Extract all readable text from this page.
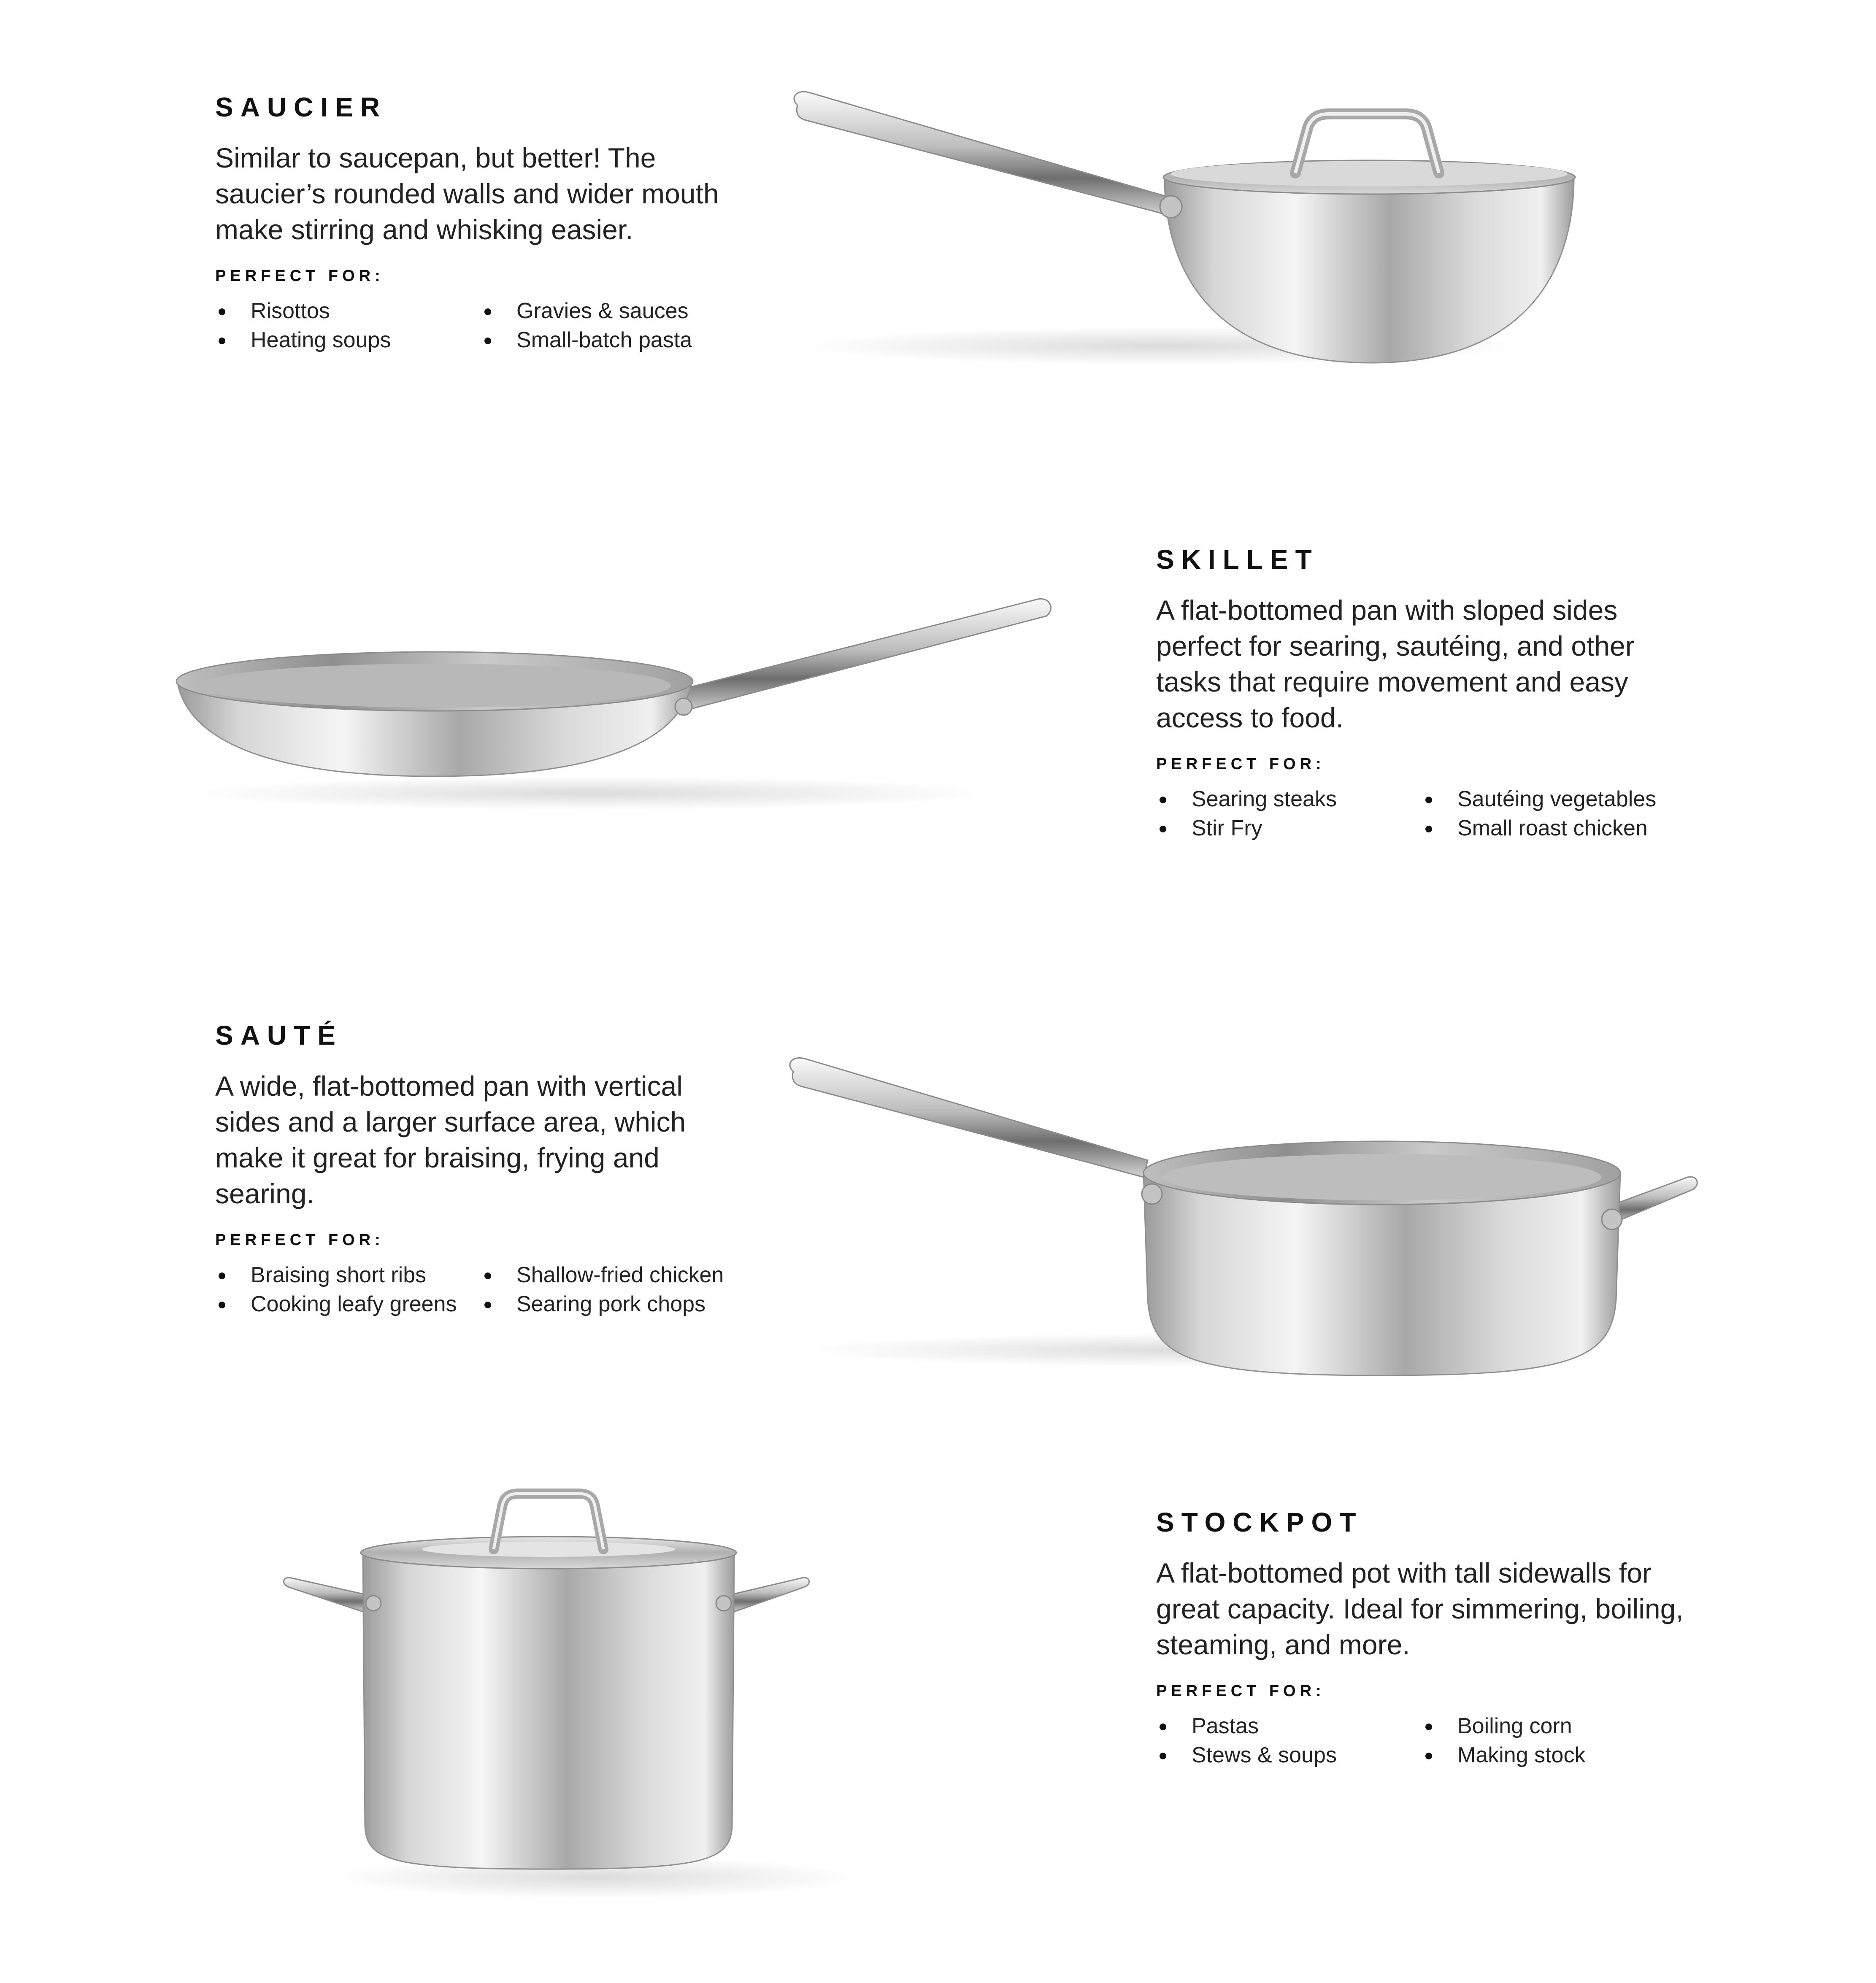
SAUCIER

Similar to saucepan, but better! The saucier’s rounded walls and wider mouth make stirring and whisking easier.

PERFECT FOR:
Risottos
Heating soups
Gravies & sauces
Small-batch pasta
SKILLET

A flat-bottomed pan with sloped sides perfect for searing, sautéing, and other tasks that require movement and easy access to food.

PERFECT FOR:
Searing steaks
Stir Fry
Sautéing vegetables
Small roast chicken
SAUTÉ

A wide, flat-bottomed pan with vertical sides and a larger surface area, which make it great for braising, frying and searing.

PERFECT FOR:
Braising short ribs
Cooking leafy greens
Shallow-fried chicken
Searing pork chops
STOCKPOT

A flat-bottomed pot with tall sidewalls for great capacity. Ideal for simmering, boiling, steaming, and more.

PERFECT FOR:
Pastas
Stews & soups
Boiling corn
Making stock
